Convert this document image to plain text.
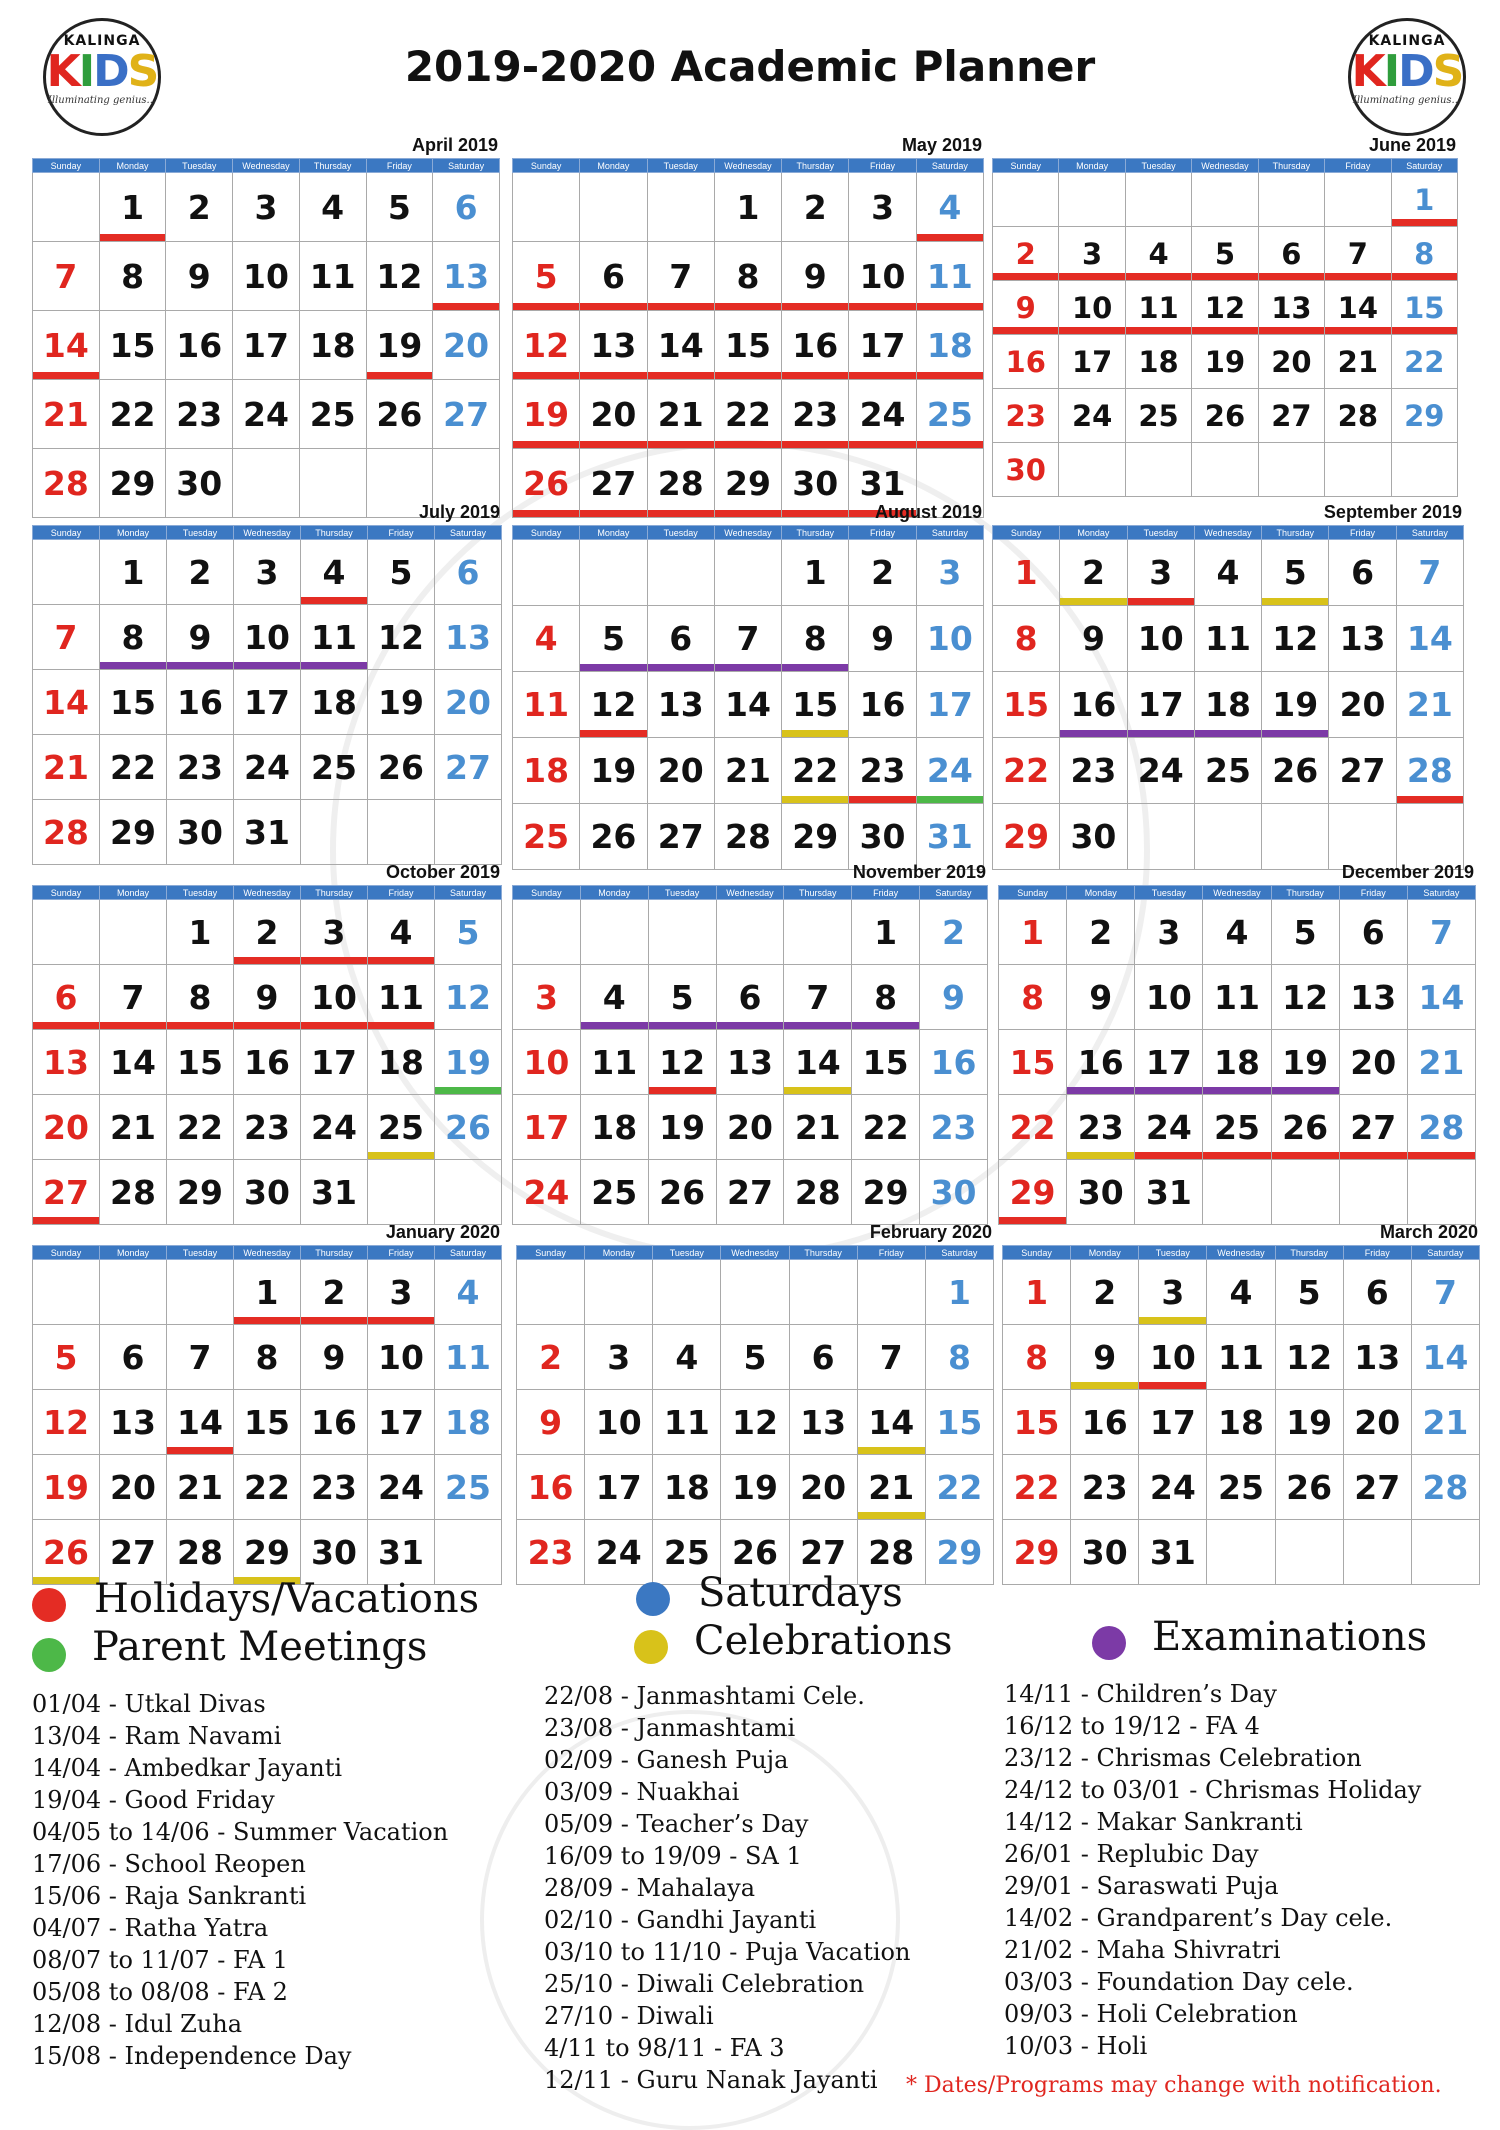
KALINGA
KIDS
Illuminating genius...
KALINGA
KIDS
Illuminating genius...
2019-2020 Academic Planner
April 2019
Sunday	Monday	Tuesday	Wednesday	Thursday	Friday	Saturday
	1	2	3	4	5	6
7	8	9	10	11	12	13
14	15	16	17	18	19	20
21	22	23	24	25	26	27
28	29	30				
May 2019
Sunday	Monday	Tuesday	Wednesday	Thursday	Friday	Saturday
			1	2	3	4
5	6	7	8	9	10	11
12	13	14	15	16	17	18
19	20	21	22	23	24	25
26	27	28	29	30	31	
June 2019
Sunday	Monday	Tuesday	Wednesday	Thursday	Friday	Saturday
						1
2	3	4	5	6	7	8
9	10	11	12	13	14	15
16	17	18	19	20	21	22
23	24	25	26	27	28	29
30						
July 2019
Sunday	Monday	Tuesday	Wednesday	Thursday	Friday	Saturday
	1	2	3	4	5	6
7	8	9	10	11	12	13
14	15	16	17	18	19	20
21	22	23	24	25	26	27
28	29	30	31			
August 2019
Sunday	Monday	Tuesday	Wednesday	Thursday	Friday	Saturday
				1	2	3
4	5	6	7	8	9	10
11	12	13	14	15	16	17
18	19	20	21	22	23	24
25	26	27	28	29	30	31
September 2019
Sunday	Monday	Tuesday	Wednesday	Thursday	Friday	Saturday
1	2	3	4	5	6	7
8	9	10	11	12	13	14
15	16	17	18	19	20	21
22	23	24	25	26	27	28
29	30					
October 2019
Sunday	Monday	Tuesday	Wednesday	Thursday	Friday	Saturday
		1	2	3	4	5
6	7	8	9	10	11	12
13	14	15	16	17	18	19
20	21	22	23	24	25	26
27	28	29	30	31		
November 2019
Sunday	Monday	Tuesday	Wednesday	Thursday	Friday	Saturday
					1	2
3	4	5	6	7	8	9
10	11	12	13	14	15	16
17	18	19	20	21	22	23
24	25	26	27	28	29	30
December 2019
Sunday	Monday	Tuesday	Wednesday	Thursday	Friday	Saturday
1	2	3	4	5	6	7
8	9	10	11	12	13	14
15	16	17	18	19	20	21
22	23	24	25	26	27	28
29	30	31				
January 2020
Sunday	Monday	Tuesday	Wednesday	Thursday	Friday	Saturday
			1	2	3	4
5	6	7	8	9	10	11
12	13	14	15	16	17	18
19	20	21	22	23	24	25
26	27	28	29	30	31	
February 2020
Sunday	Monday	Tuesday	Wednesday	Thursday	Friday	Saturday
						1
2	3	4	5	6	7	8
9	10	11	12	13	14	15
16	17	18	19	20	21	22
23	24	25	26	27	28	29
March 2020
Sunday	Monday	Tuesday	Wednesday	Thursday	Friday	Saturday
1	2	3	4	5	6	7
8	9	10	11	12	13	14
15	16	17	18	19	20	21
22	23	24	25	26	27	28
29	30	31				
Holidays/Vacations
Parent Meetings
Saturdays
Celebrations	Examinations
01/04 - Utkal Divas
13/04 - Ram Navami
14/04 - Ambedkar Jayanti
19/04 - Good Friday
04/05 to 14/06 - Summer Vacation
17/06 - School Reopen
15/06 - Raja Sankranti
04/07 - Ratha Yatra
08/07 to 11/07 - FA 1
05/08 to 08/08 - FA 2
12/08 - Idul Zuha
15/08 - Independence Day
22/08 - Janmashtami Cele.
23/08 - Janmashtami
02/09 - Ganesh Puja
03/09 - Nuakhai
05/09 - Teacher’s Day
16/09 to 19/09 - SA 1
28/09 - Mahalaya
02/10 - Gandhi Jayanti
03/10 to 11/10 - Puja Vacation
25/10 - Diwali Celebration
27/10 - Diwali
4/11 to 98/11 - FA 3
12/11 - Guru Nanak Jayanti
14/11 - Children’s Day
16/12 to 19/12 - FA 4
23/12 - Chrismas Celebration
24/12 to 03/01 - Chrismas Holiday
14/12 - Makar Sankranti
26/01 - Replubic Day
29/01 - Saraswati Puja
14/02 - Grandparent’s Day cele.
21/02 - Maha Shivratri
03/03 - Foundation Day cele.
09/03 - Holi Celebration
10/03 - Holi
* Dates/Programs may change with notification.
